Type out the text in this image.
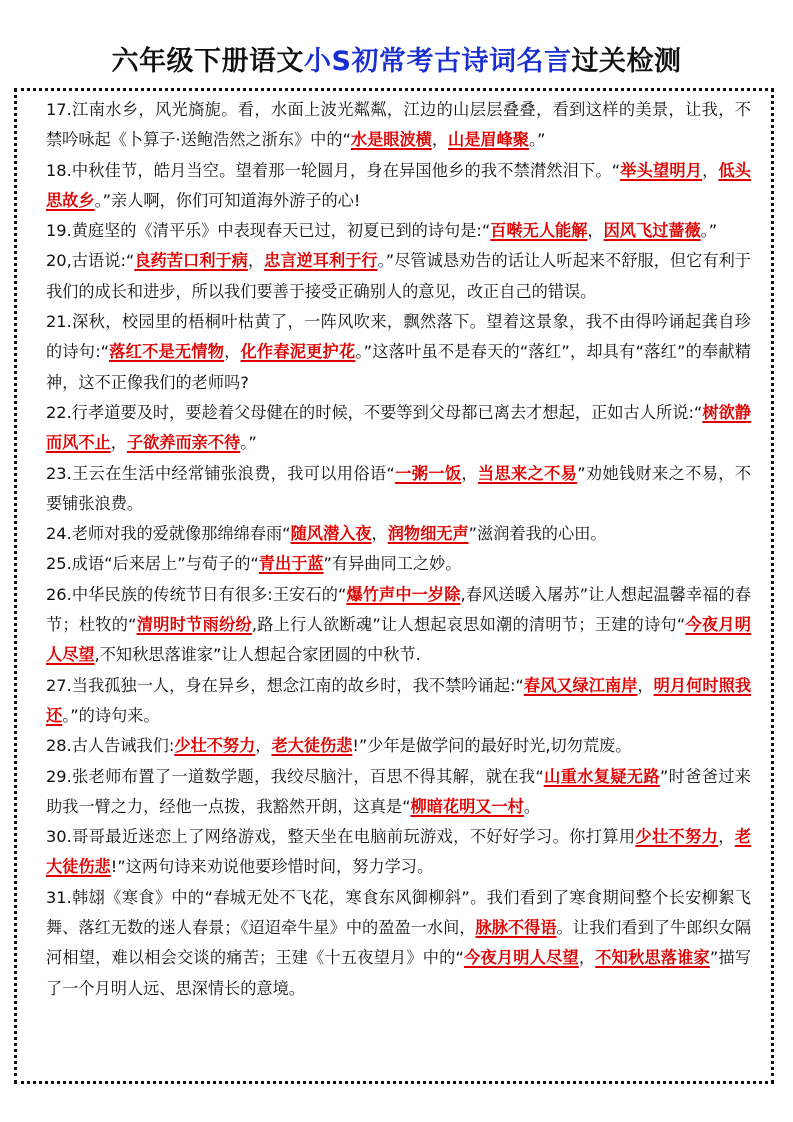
六年级下册语文小S初常考古诗词名言过关检测

17.江南水乡，风光旖旎。看，水面上波光粼粼，江边的山层层叠叠，看到这样的美景，让我，不禁吟咏起《卜算子·送鲍浩然之浙东》中的“水是眼波横，山是眉峰聚。”

18.中秋佳节，皓月当空。望着那一轮圆月，身在异国他乡的我不禁潸然泪下。“举头望明月，低头思故乡。”亲人啊，你们可知道海外游子的心!

19.黄庭坚的《清平乐》中表现春天已过，初夏已到的诗句是:“百啭无人能解，因风飞过蔷薇。”

20,古语说:“良药苦口利于病，忠言逆耳利于行。”尽管诚恳劝告的话让人听起来不舒服，但它有利于我们的成长和进步，所以我们要善于接受正确别人的意见，改正自己的错误。

21.深秋，校园里的梧桐叶枯黄了，一阵风吹来，飘然落下。望着这景象，我不由得吟诵起龚自珍的诗句:“落红不是无情物，化作春泥更护花。”这落叶虽不是春天的“落红”，却具有“落红”的奉献精神，这不正像我们的老师吗?

22.行孝道要及时，要趁着父母健在的时候，不要等到父母都已离去才想起，正如古人所说:“树欲静而风不止，子欲养而亲不待。”

23.王云在生活中经常铺张浪费，我可以用俗语“一粥一饭，当思来之不易”劝她钱财来之不易，不要铺张浪费。

24.老师对我的爱就像那绵绵春雨“随风潜入夜，润物细无声”滋润着我的心田。

25.成语“后来居上”与荀子的“青出于蓝”有异曲同工之妙。

26.中华民族的传统节日有很多:王安石的“爆竹声中一岁除,春风送暖入屠苏”让人想起温馨幸福的春节；杜牧的“清明时节雨纷纷,路上行人欲断魂”让人想起哀思如潮的清明节；王建的诗句“今夜月明人尽望,不知秋思落谁家”让人想起合家团圆的中秋节.

27.当我孤独一人，身在异乡，想念江南的故乡时，我不禁吟诵起:“春风又绿江南岸，明月何时照我还。”的诗句来。

28.古人告诫我们:少壮不努力，老大徒伤悲!”少年是做学问的最好时光,切勿荒废。

29.张老师布置了一道数学题，我绞尽脑汁，百思不得其解，就在我“山重水复疑无路”时爸爸过来助我一臂之力，经他一点拨，我豁然开朗，这真是“柳暗花明又一村。

30.哥哥最近迷恋上了网络游戏，整天坐在电脑前玩游戏，不好好学习。你打算用少壮不努力，老大徒伤悲!”这两句诗来劝说他要珍惜时间，努力学习。

31.韩翃《寒食》中的“春城无处不飞花，寒食东风御柳斜”。我们看到了寒食期间整个长安柳絮飞舞、落红无数的迷人春景；《迢迢牵牛星》中的盈盈一水间，脉脉不得语。让我们看到了牛郎织女隔河相望，难以相会交谈的痛苦；王建《十五夜望月》中的“今夜月明人尽望，不知秋思落谁家”描写了一个月明人远、思深情长的意境。
